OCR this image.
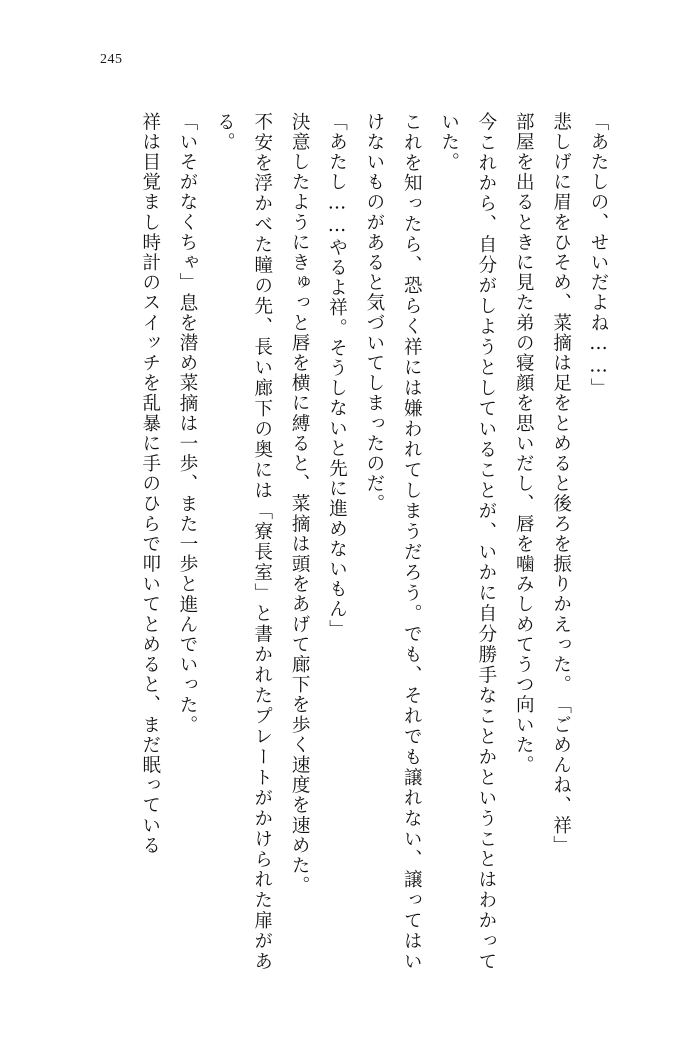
245

「あたしの、せいだよね……」

悲しげに眉をひそめ、菜摘は足をとめると後ろを振りかえった。

「ごめんね、祥」

部屋を出るときに見た弟の寝顔を思いだし、唇を噛みしめてうつ向いた。

今これから、自分がしようとしていることが、いかに自分勝手なことかということはわかっていた。

これを知ったら、恐らく祥には嫌われてしまうだろう。でも、それでも譲れない、譲ってはいけないものがあると気づいてしまったのだ。

「あたし……やるよ祥。そうしないと先に進めないもん」

決意したようにきゅっと唇を横に縛ると、菜摘は頭をあげて廊下を歩く速度を速めた。

不安を浮かべた瞳の先、長い廊下の奥には「寮長室」と書かれたプレートがかけられた扉がある。

「いそがなくちゃ」

息を潜め菜摘は一歩、また一歩と進んでいった。

祥は目覚まし時計のスイッチを乱暴に手のひらで叩いてとめると、まだ眠っている
